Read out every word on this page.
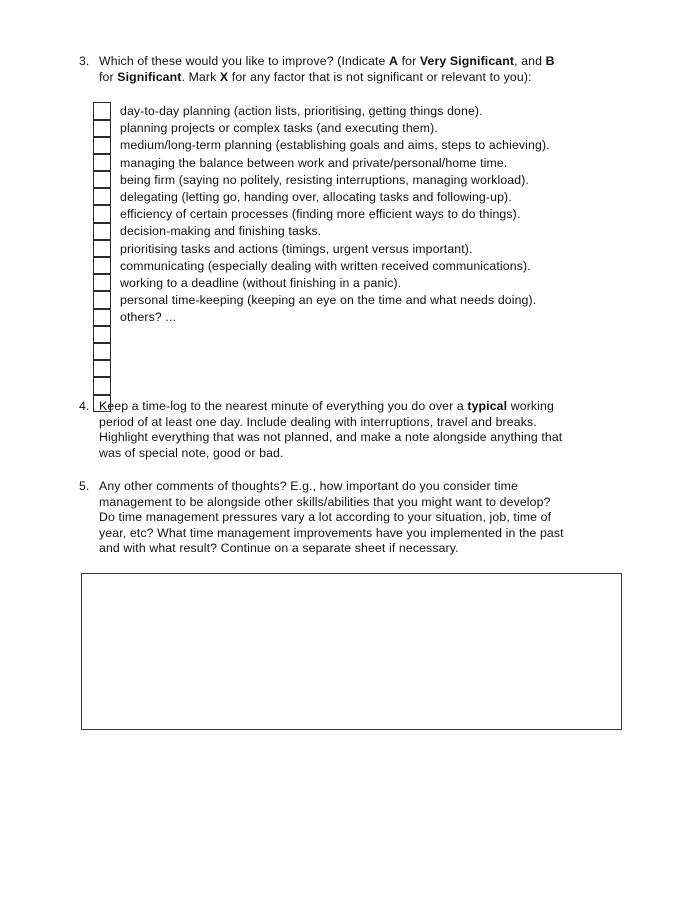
3. Which of these would you like to improve? (Indicate A for Very Significant, and B
for Significant. Mark X for any factor that is not significant or relevant to you):
day-to-day planning (action lists, prioritising, getting things done).
planning projects or complex tasks (and executing them).
medium/long-term planning (establishing goals and aims, steps to achieving).
managing the balance between work and private/personal/home time.
being firm (saying no politely, resisting interruptions, managing workload).
delegating (letting go, handing over, allocating tasks and following-up).
efficiency of certain processes (finding more efficient ways to do things).
decision-making and finishing tasks.
prioritising tasks and actions (timings, urgent versus important).
communicating (especially dealing with written received communications).
working to a deadline (without finishing in a panic).
personal time-keeping (keeping an eye on the time and what needs doing).
others? ...
4. Keep a time-log to the nearest minute of everything you do over a typical working
period of at least one day. Include dealing with interruptions, travel and breaks.
Highlight everything that was not planned, and make a note alongside anything that
was of special note, good or bad.
5. Any other comments of thoughts? E.g., how important do you consider time
management to be alongside other skills/abilities that you might want to develop?
Do time management pressures vary a lot according to your situation, job, time of
year, etc? What time management improvements have you implemented in the past
and with what result? Continue on a separate sheet if necessary.
